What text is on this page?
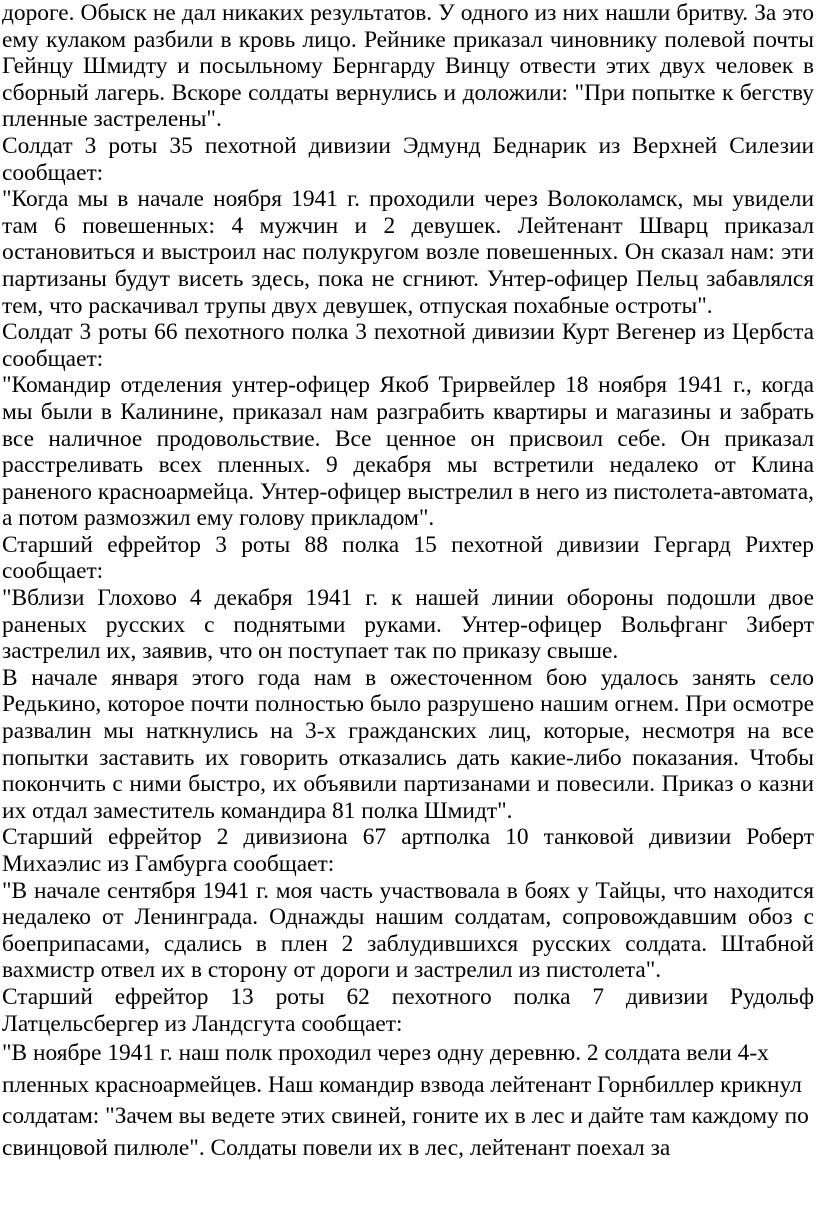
дороге. Обыск не дал никаких результатов. У одного из них нашли бритву. За это ему кулаком разбили в кровь лицо. Рейнике приказал чиновнику полевой почты Гейнцу Шмидту и посыльному Бернгарду Винцу отвести этих двух человек в сборный лагерь. Вскоре солдаты вернулись и доложили: "При попытке к бегству пленные застрелены".

Солдат 3 роты 35 пехотной дивизии Эдмунд Беднарик из Верхней Силезии сообщает:

"Когда мы в начале ноября 1941 г. проходили через Волоколамск, мы увидели там 6 повешенных: 4 мужчин и 2 девушек. Лейтенант Шварц приказал остановиться и выстроил нас полукругом возле повешенных. Он сказал нам: эти партизаны будут висеть здесь, пока не сгниют. Унтер-офицер Пельц забавлялся тем, что раскачивал трупы двух девушек, отпуская похабные остроты".

Солдат 3 роты 66 пехотного полка 3 пехотной дивизии Курт Вегенер из Цербста сообщает:

"Командир отделения унтер-офицер Якоб Трирвейлер 18 ноября 1941 г., когда мы были в Калинине, приказал нам разграбить квартиры и магазины и забрать все наличное продовольствие. Все ценное он присвоил себе. Он приказал расстреливать всех пленных. 9 декабря мы встретили недалеко от Клина раненого красноармейца. Унтер-офицер выстрелил в него из пистолета-автомата, а потом размозжил ему голову прикладом".

Старший ефрейтор 3 роты 88 полка 15 пехотной дивизии Гергард Рихтер сообщает:

"Вблизи Глохово 4 декабря 1941 г. к нашей линии обороны подошли двое раненых русских с поднятыми руками. Унтер-офицер Вольфганг Зиберт застрелил их, заявив, что он поступает так по приказу свыше.

В начале января этого года нам в ожесточенном бою удалось занять село Редькино, которое почти полностью было разрушено нашим огнем. При осмотре развалин мы наткнулись на 3-х гражданских лиц, которые, несмотря на все попытки заставить их говорить отказались дать какие-либо показания. Чтобы покончить с ними быстро, их объявили партизанами и повесили. Приказ о казни их отдал заместитель командира 81 полка Шмидт".

Старший ефрейтор 2 дивизиона 67 артполка 10 танковой дивизии Роберт Михаэлис из Гамбурга сообщает:

"В начале сентября 1941 г. моя часть участвовала в боях у Тайцы, что находится недалеко от Ленинграда. Однажды нашим солдатам, сопровождавшим обоз с боеприпасами, сдались в плен 2 заблудившихся русских солдата. Штабной вахмистр отвел их в сторону от дороги и застрелил из пистолета".

Старший ефрейтор 13 роты 62 пехотного полка 7 дивизии Рудольф Латцельсбергер из Ландсгута сообщает:

"В ноябре 1941 г. наш полк проходил через одну деревню. 2 солдата вели 4-х пленных красноармейцев. Наш командир взвода лейтенант Горнбиллер крикнул солдатам: "Зачем вы ведете этих свиней, гоните их в лес и дайте там каждому по свинцовой пилюле". Солдаты повели их в лес, лейтенант поехал за
